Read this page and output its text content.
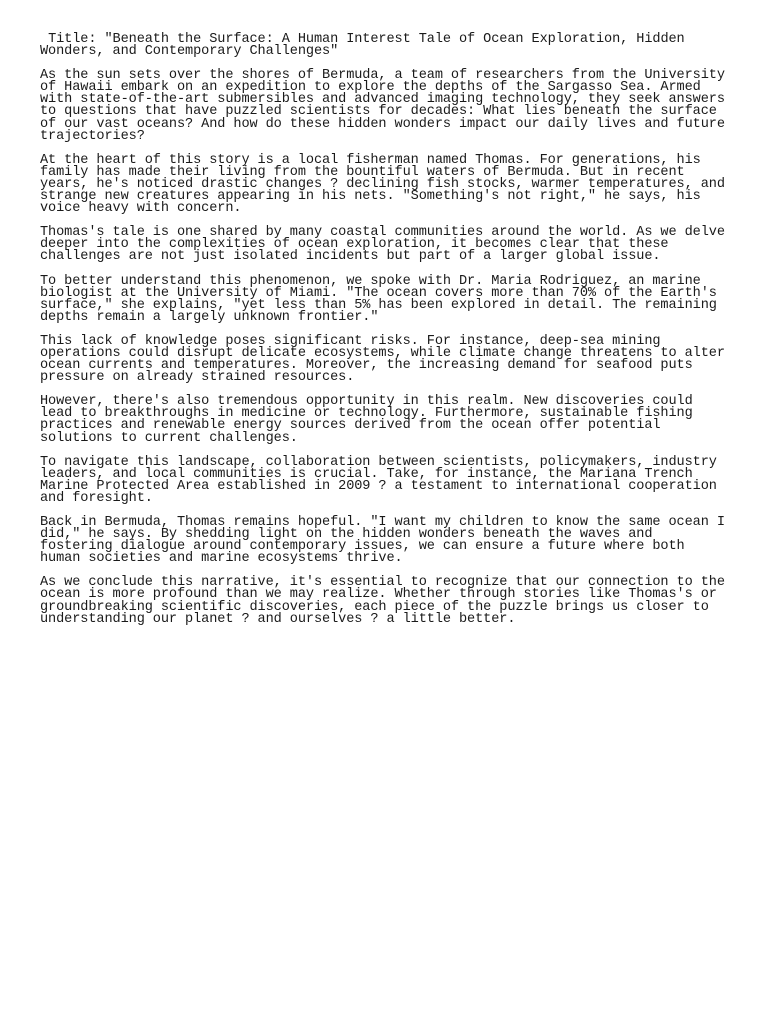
Title: "Beneath the Surface: A Human Interest Tale of Ocean Exploration, Hidden
Wonders, and Contemporary Challenges"
As the sun sets over the shores of Bermuda, a team of researchers from the University
of Hawaii embark on an expedition to explore the depths of the Sargasso Sea. Armed
with state-of-the-art submersibles and advanced imaging technology, they seek answers
to questions that have puzzled scientists for decades: What lies beneath the surface
of our vast oceans? And how do these hidden wonders impact our daily lives and future
trajectories?
At the heart of this story is a local fisherman named Thomas. For generations, his
family has made their living from the bountiful waters of Bermuda. But in recent
years, he's noticed drastic changes ? declining fish stocks, warmer temperatures, and
strange new creatures appearing in his nets. "Something's not right," he says, his
voice heavy with concern.
Thomas's tale is one shared by many coastal communities around the world. As we delve
deeper into the complexities of ocean exploration, it becomes clear that these
challenges are not just isolated incidents but part of a larger global issue.
To better understand this phenomenon, we spoke with Dr. Maria Rodriguez, an marine
biologist at the University of Miami. "The ocean covers more than 70% of the Earth's
surface," she explains, "yet less than 5% has been explored in detail. The remaining
depths remain a largely unknown frontier."
This lack of knowledge poses significant risks. For instance, deep-sea mining
operations could disrupt delicate ecosystems, while climate change threatens to alter
ocean currents and temperatures. Moreover, the increasing demand for seafood puts
pressure on already strained resources.
However, there's also tremendous opportunity in this realm. New discoveries could
lead to breakthroughs in medicine or technology. Furthermore, sustainable fishing
practices and renewable energy sources derived from the ocean offer potential
solutions to current challenges.
To navigate this landscape, collaboration between scientists, policymakers, industry
leaders, and local communities is crucial. Take, for instance, the Mariana Trench
Marine Protected Area established in 2009 ? a testament to international cooperation
and foresight.
Back in Bermuda, Thomas remains hopeful. "I want my children to know the same ocean I
did," he says. By shedding light on the hidden wonders beneath the waves and
fostering dialogue around contemporary issues, we can ensure a future where both
human societies and marine ecosystems thrive.
As we conclude this narrative, it's essential to recognize that our connection to the
ocean is more profound than we may realize. Whether through stories like Thomas's or
groundbreaking scientific discoveries, each piece of the puzzle brings us closer to
understanding our planet ? and ourselves ? a little better.
